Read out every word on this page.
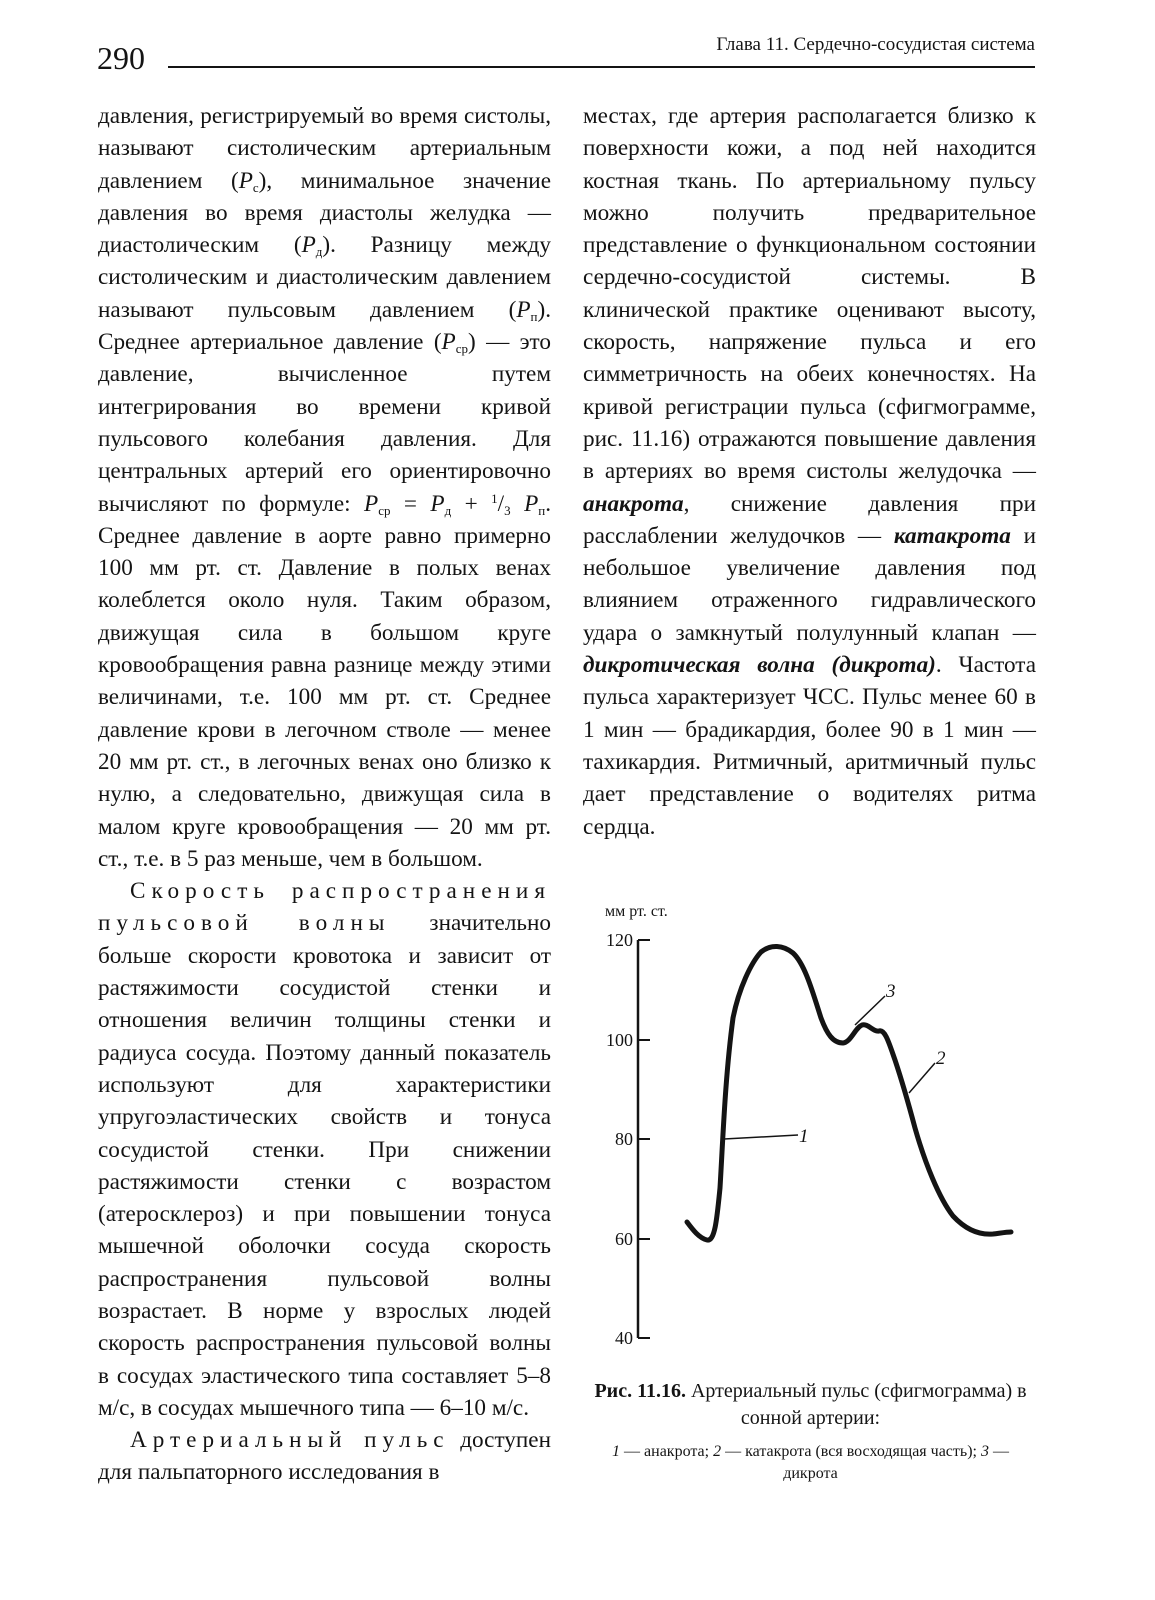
290	Глава 11. Сердечно-сосудистая система

давления, регистрируемый во время систолы, называют систолическим артериальным давлением $(P_с)$, минимальное значение давления во время диастолы желудка — диастолическим $(P_д)$. Разницу между систолическим и диастолическим давлением называют пульсовым давлением $(P_п)$. Среднее артериальное давление $(P_{ср})$ — это давление, вычисленное путем интегрирования во времени кривой пульсового колебания давления. Для центральных артерий его ориентировочно вычисляют по формуле: $P_{ср} = P_д + ^1/_3$ $P_п$. Среднее давление в аорте равно примерно 100 мм рт. ст. Давление в полых венах колеблется около нуля. Таким образом, движущая сила в большом круге кровообращения равна разнице между этими величинами, т.е. 100 мм рт. ст. Среднее давление крови в легочном стволе — менее 20 мм рт. ст., в легочных венах оно близко к нулю, а следовательно, движущая сила в малом круге кровообращения — 20 мм рт. ст., т.е. в 5 раз меньше, чем в большом.

Скорость распространения пульсовой волны значительно больше скорости кровотока и зависит от растяжимости сосудистой стенки и отношения величин толщины стенки и радиуса сосуда. Поэтому данный показатель используют для характеристики упругоэластических свойств и тонуса сосудистой стенки. При снижении растяжимости стенки с возрастом (атеросклероз) и при повышении тонуса мышечной оболочки сосуда скорость распространения пульсовой волны возрастает. В норме у взрослых людей скорость распространения пульсовой волны в сосудах эластического типа составляет 5–8 м/с, в сосудах мышечного типа — 6–10 м/с.

Артериальный пульс доступен для пальпаторного исследования в

местах, где артерия располагается близко к поверхности кожи, а под ней находится костная ткань. По артериальному пульсу можно получить предварительное представление о функциональном состоянии сердечно-сосудистой системы. В клинической практике оценивают высоту, скорость, напряжение пульса и его симметричность на обеих конечностях. На кривой регистрации пульса (сфигмограмме, рис. 11.16) отражаются повышение давления в артериях во время систолы желудочка — анакрота, снижение давления при расслаблении желудочков — катакрота и небольшое увеличение давления под влиянием отраженного гидравлического удара о замкнутый полулунный клапан — дикротическая волна (дикрота). Частота пульса характеризует ЧСС. Пульс менее 60 в 1 мин — брадикардия, более 90 в 1 мин — тахикардия. Ритмичный, аритмичный пульс дает представление о водителях ритма сердца.

мм рт. ст.
120
100
80
60
40
1
2
3
Рис. 11.16. Артериальный пульс (сфигмограмма) в сонной артерии:
1 — анакрота; 2 — катакрота (вся восходящая часть); 3 — дикрота
